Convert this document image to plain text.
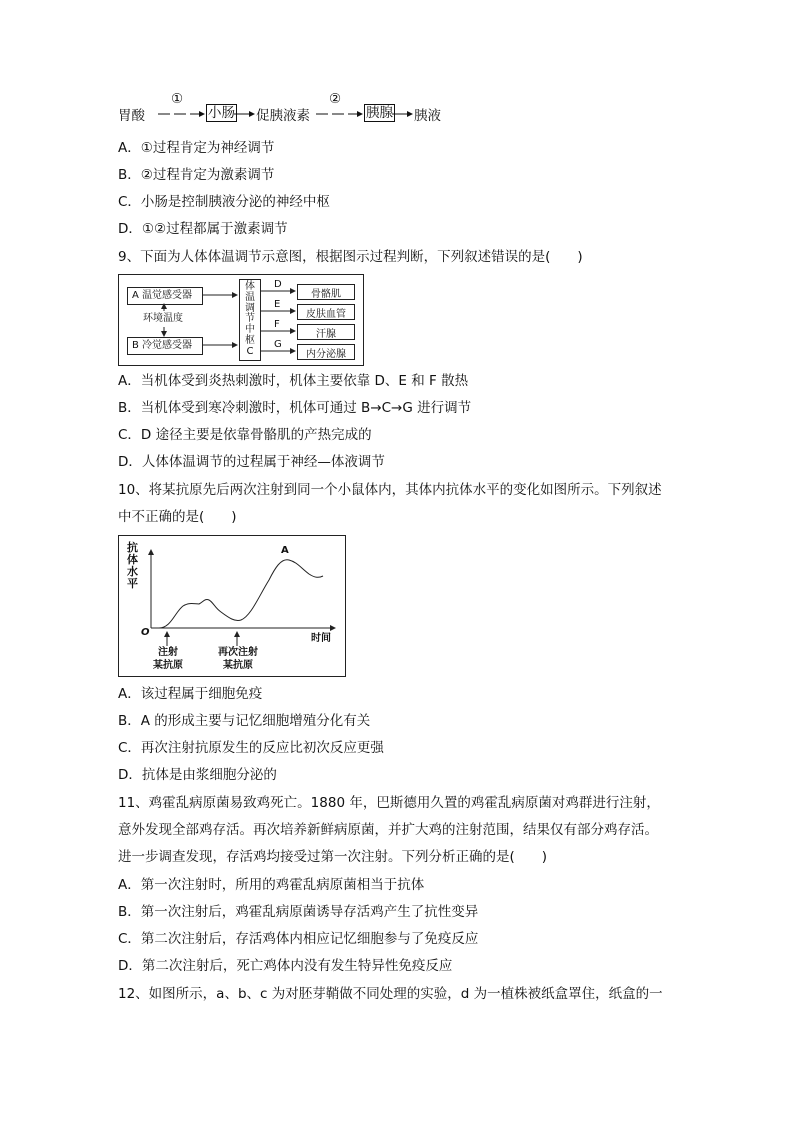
胃酸
①
小肠 促胰液素
②
胰腺 胰液
A．①过程肯定为神经调节
B．②过程肯定为激素调节
C．小肠是控制胰液分泌的神经中枢
D．①②过程都属于激素调节
9、下面为人体体温调节示意图，根据图示过程判断，下列叙述错误的是(　　)
A 温觉感受器
环境温度
B 冷觉感受器
体
温
调
节
中
枢
C
D
E
F
G
骨骼肌
皮肤血管
汗腺
内分泌腺
A．当机体受到炎热刺激时，机体主要依靠 D、E 和 F 散热
B．当机体受到寒冷刺激时，机体可通过 B→C→G 进行调节
C．D 途径主要是依靠骨骼肌的产热完成的
D．人体体温调节的过程属于神经—体液调节
10、将某抗原先后两次注射到同一个小鼠体内，其体内抗体水平的变化如图所示。下列叙述
中不正确的是(　　)
抗
体
水
平
O
A
时间
注射
某抗原
再次注射
某抗原
A．该过程属于细胞免疫
B．A 的形成主要与记忆细胞增殖分化有关
C．再次注射抗原发生的反应比初次反应更强
D．抗体是由浆细胞分泌的
11、鸡霍乱病原菌易致鸡死亡。1880 年，巴斯德用久置的鸡霍乱病原菌对鸡群进行注射，
意外发现全部鸡存活。再次培养新鲜病原菌，并扩大鸡的注射范围，结果仅有部分鸡存活。
进一步调查发现，存活鸡均接受过第一次注射。下列分析正确的是(　　)
A．第一次注射时，所用的鸡霍乱病原菌相当于抗体
B．第一次注射后，鸡霍乱病原菌诱导存活鸡产生了抗性变异
C．第二次注射后，存活鸡体内相应记忆细胞参与了免疫反应
D．第二次注射后，死亡鸡体内没有发生特异性免疫反应
12、如图所示，a、b、c 为对胚芽鞘做不同处理的实验，d 为一植株被纸盒罩住，纸盒的一
